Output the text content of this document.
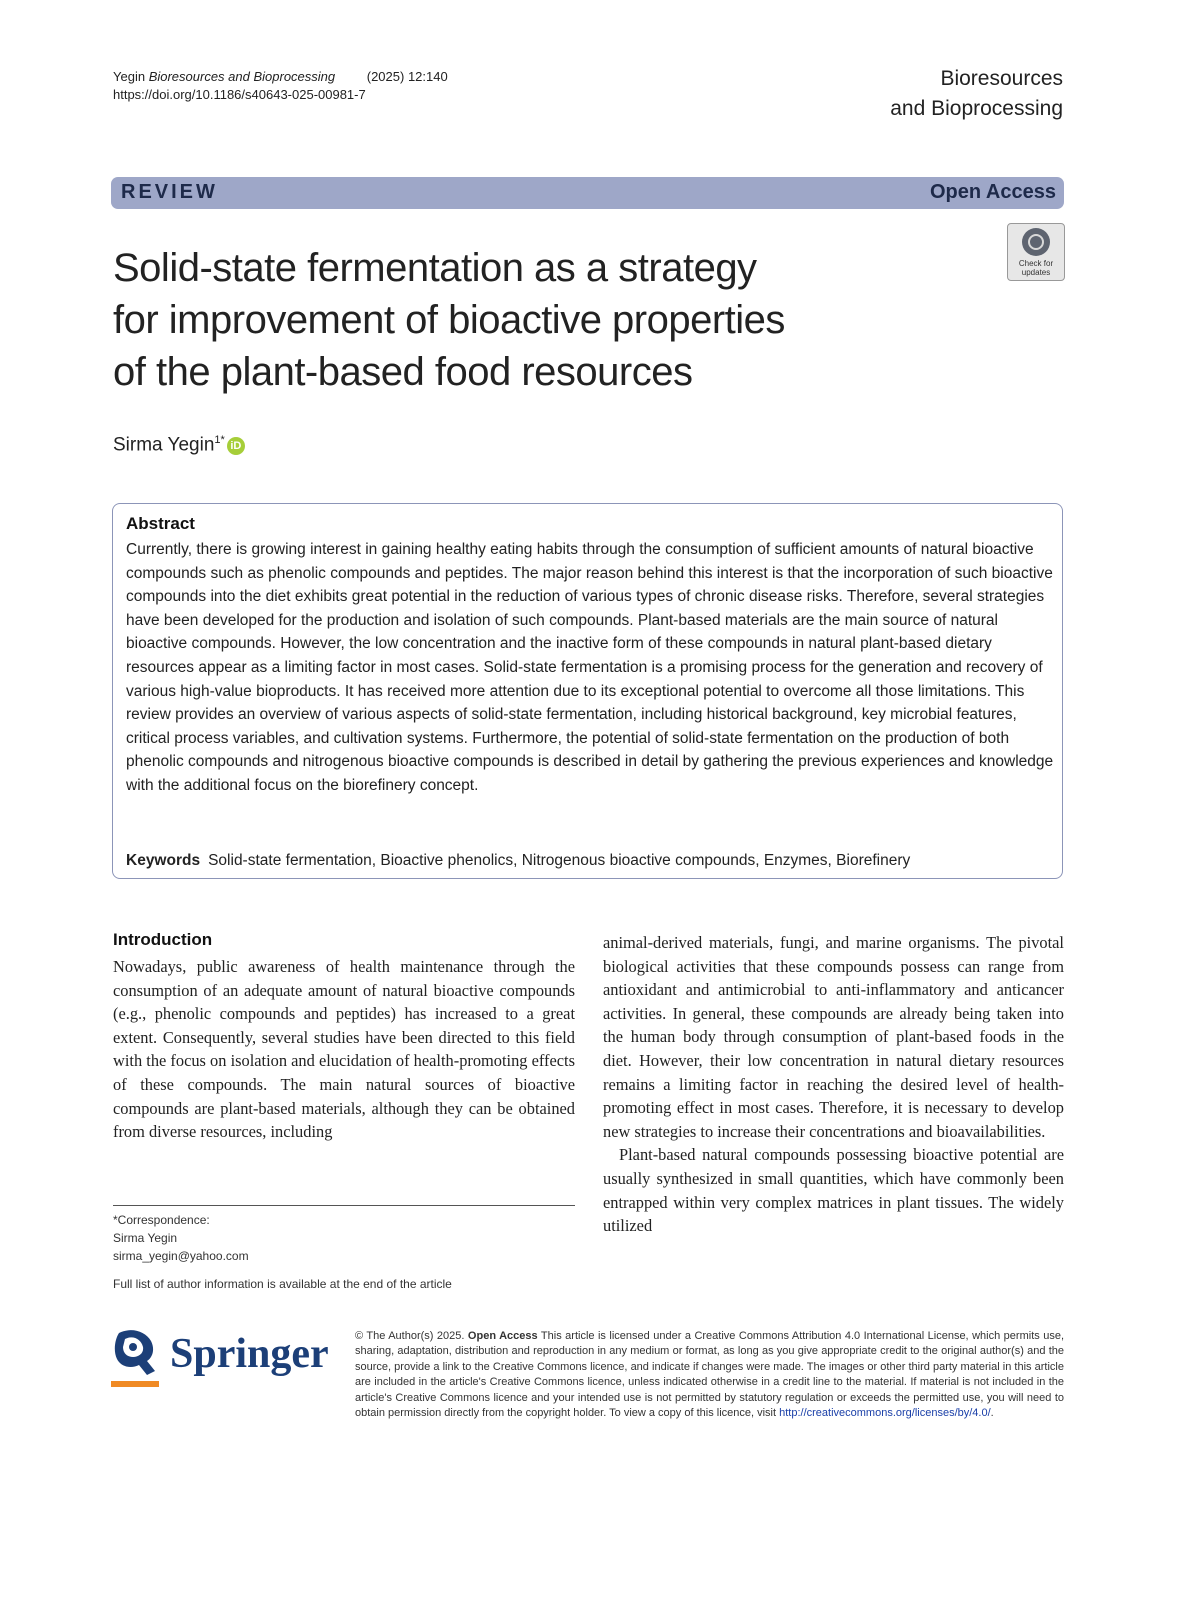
Yegin Bioresources and Bioprocessing (2025) 12:140
https://doi.org/10.1186/s40643-025-00981-7
Bioresources
and Bioprocessing
REVIEW	Open Access
Solid-state fermentation as a strategy
for improvement of bioactive properties
of the plant-based food resources
Check for updates
Sirma Yegin$^{1*}$iD
Abstract
Currently, there is growing interest in gaining healthy eating habits through the consumption of sufficient amounts of natural bioactive compounds such as phenolic compounds and peptides. The major reason behind this interest is that the incorporation of such bioactive compounds into the diet exhibits great potential in the reduction of various types of chronic disease risks. Therefore, several strategies have been developed for the production and isolation of such compounds. Plant-based materials are the main source of natural bioactive compounds. However, the low concentration and the inactive form of these compounds in natural plant-based dietary resources appear as a limiting factor in most cases. Solid-state fermentation is a promising process for the generation and recovery of various high-value bioproducts. It has received more attention due to its exceptional potential to overcome all those limitations. This review provides an overview of various aspects of solid-state fermentation, including historical background, key microbial features, critical process variables, and cultivation systems. Furthermore, the potential of solid-state fermentation on the production of both phenolic compounds and nitrogenous bioactive compounds is described in detail by gathering the previous experiences and knowledge with the additional focus on the biorefinery concept.
Keywords Solid-state fermentation, Bioactive phenolics, Nitrogenous bioactive compounds, Enzymes, Biorefinery
Introduction
Nowadays, public awareness of health maintenance through the consumption of an adequate amount of natural bioactive compounds (e.g., phenolic compounds and peptides) has increased to a great extent. Consequently, several studies have been directed to this field with the focus on isolation and elucidation of health-promoting effects of these compounds. The main natural sources of bioactive compounds are plant-based materials, although they can be obtained from diverse resources, including

animal-derived materials, fungi, and marine organisms. The pivotal biological activities that these compounds possess can range from antioxidant and antimicrobial to anti-inflammatory and anticancer activities. In general, these compounds are already being taken into the human body through consumption of plant-based foods in the diet. However, their low concentration in natural dietary resources remains a limiting factor in reaching the desired level of health-promoting effect in most cases. Therefore, it is necessary to develop new strategies to increase their concentrations and bioavailabilities.

Plant-based natural compounds possessing bioactive potential are usually synthesized in small quantities, which have commonly been entrapped within very complex matrices in plant tissues. The widely utilized

*Correspondence:
Sirma Yegin
sirma_yegin@yahoo.com
Full list of author information is available at the end of the article
Springer © The Author(s) 2025. Open Access This article is licensed under a Creative Commons Attribution 4.0 International License, which permits use, sharing, adaptation, distribution and reproduction in any medium or format, as long as you give appropriate credit to the original author(s) and the source, provide a link to the Creative Commons licence, and indicate if changes were made. The images or other third party material in this article are included in the article's Creative Commons licence, unless indicated otherwise in a credit line to the material. If material is not included in the article's Creative Commons licence and your intended use is not permitted by statutory regulation or exceeds the permitted use, you will need to obtain permission directly from the copyright holder. To view a copy of this licence, visit http://creativecommons.org/licenses/by/4.0/.
